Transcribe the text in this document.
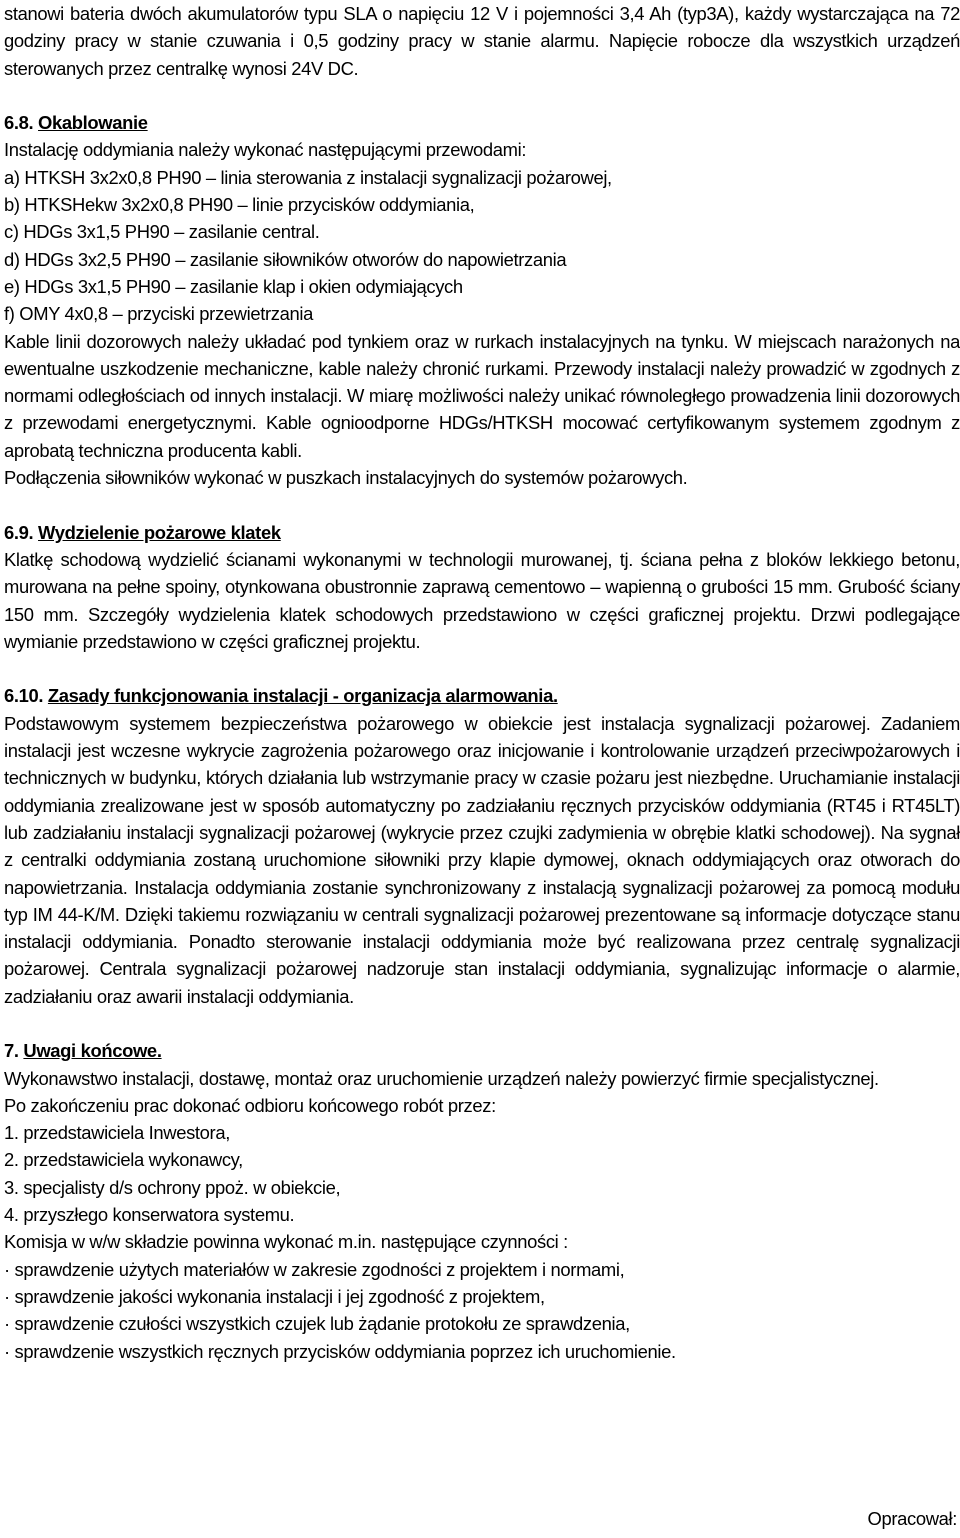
stanowi bateria dwóch akumulatorów typu SLA o napięciu 12 V i pojemności 3,4 Ah (typ3A), każdy wystarczająca na 72 godziny pracy w stanie czuwania i 0,5 godziny pracy w stanie alarmu. Napięcie robocze dla wszystkich urządzeń sterowanych przez centralkę wynosi 24V DC.

6.8. Okablowanie

Instalację oddymiania należy wykonać następującymi przewodami:

a) HTKSH 3x2x0,8 PH90 – linia sterowania z instalacji sygnalizacji pożarowej,

b) HTKSHekw 3x2x0,8 PH90 – linie przycisków oddymiania,

c) HDGs 3x1,5 PH90 – zasilanie central.

d) HDGs 3x2,5 PH90 – zasilanie siłowników otworów do napowietrzania

e) HDGs 3x1,5 PH90 – zasilanie klap i okien odymiających

f) OMY 4x0,8 – przyciski przewietrzania

Kable linii dozorowych należy układać pod tynkiem oraz w rurkach instalacyjnych na tynku. W miejscach narażonych na ewentualne uszkodzenie mechaniczne, kable należy chronić rurkami. Przewody instalacji należy prowadzić w zgodnych z normami odległościach od innych instalacji. W miarę możliwości należy unikać równoległego prowadzenia linii dozorowych z przewodami energetycznymi. Kable ognioodporne HDGs/HTKSH mocować certyfikowanym systemem zgodnym z aprobatą techniczna producenta kabli.

Podłączenia siłowników wykonać w puszkach instalacyjnych do systemów pożarowych.

6.9. Wydzielenie pożarowe klatek

Klatkę schodową wydzielić ścianami wykonanymi w technologii murowanej, tj. ściana pełna z bloków lekkiego betonu, murowana na pełne spoiny, otynkowana obustronnie zaprawą cementowo – wapienną o grubości 15 mm. Grubość ściany 150 mm. Szczegóły wydzielenia klatek schodowych przedstawiono w części graficznej projektu. Drzwi podlegające wymianie przedstawiono w części graficznej projektu.

6.10. Zasady funkcjonowania instalacji - organizacja alarmowania.

Podstawowym systemem bezpieczeństwa pożarowego w obiekcie jest instalacja sygnalizacji pożarowej. Zadaniem instalacji jest wczesne wykrycie zagrożenia pożarowego oraz inicjowanie i kontrolowanie urządzeń przeciwpożarowych i technicznych w budynku, których działania lub wstrzymanie pracy w czasie pożaru jest niezbędne. Uruchamianie instalacji oddymiania zrealizowane jest w sposób automatyczny po zadziałaniu ręcznych przycisków oddymiania (RT45 i RT45LT) lub zadziałaniu instalacji sygnalizacji pożarowej (wykrycie przez czujki zadymienia w obrębie klatki schodowej). Na sygnał z centralki oddymiania zostaną uruchomione siłowniki przy klapie dymowej, oknach oddymiających oraz otworach do napowietrzania. Instalacja oddymiania zostanie synchronizowany z instalacją sygnalizacji pożarowej za pomocą modułu typ IM 44-K/M. Dzięki takiemu rozwiązaniu w centrali sygnalizacji pożarowej prezentowane są informacje dotyczące stanu instalacji oddymiania. Ponadto sterowanie instalacji oddymiania może być realizowana przez centralę sygnalizacji pożarowej. Centrala sygnalizacji pożarowej nadzoruje stan instalacji oddymiania, sygnalizując informacje o alarmie, zadziałaniu oraz awarii instalacji oddymiania.

7. Uwagi końcowe.

Wykonawstwo instalacji, dostawę, montaż oraz uruchomienie urządzeń należy powierzyć firmie specjalistycznej.

Po zakończeniu prac dokonać odbioru końcowego robót przez:

1. przedstawiciela Inwestora,

2. przedstawiciela wykonawcy,

3. specjalisty d/s ochrony ppoż. w obiekcie,

4. przyszłego konserwatora systemu.

Komisja w w/w składzie powinna wykonać m.in. następujące czynności :

· sprawdzenie użytych materiałów w zakresie zgodności z projektem i normami,

· sprawdzenie jakości wykonania instalacji i jej zgodność z projektem,

· sprawdzenie czułości wszystkich czujek lub żądanie protokołu ze sprawdzenia,

· sprawdzenie wszystkich ręcznych przycisków oddymiania poprzez ich uruchomienie.

Opracował:
